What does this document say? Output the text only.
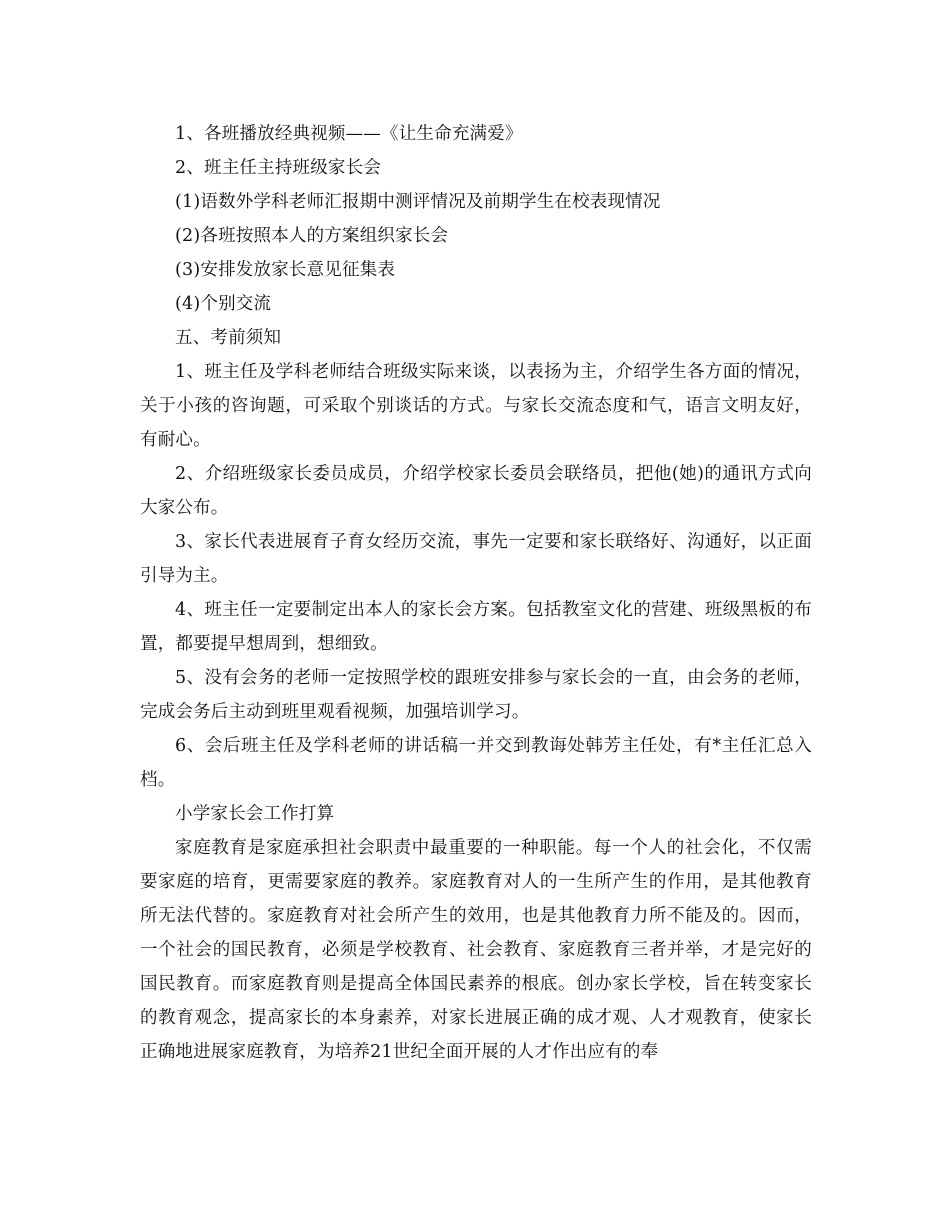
1、各班播放经典视频——《让生命充满爱》

2、班主任主持班级家长会

(1)语数外学科老师汇报期中测评情况及前期学生在校表现情况

(2)各班按照本人的方案组织家长会

(3)安排发放家长意见征集表

(4)个别交流

五、考前须知

1、班主任及学科老师结合班级实际来谈，以表扬为主，介绍学生各方面的情况，关于小孩的咨询题，可采取个别谈话的方式。与家长交流态度和气，语言文明友好，有耐心。

2、介绍班级家长委员成员，介绍学校家长委员会联络员，把他(她)的通讯方式向大家公布。

3、家长代表进展育子育女经历交流，事先一定要和家长联络好、沟通好，以正面引导为主。

4、班主任一定要制定出本人的家长会方案。包括教室文化的营建、班级黑板的布置，都要提早想周到，想细致。

5、没有会务的老师一定按照学校的跟班安排参与家长会的一直，由会务的老师，完成会务后主动到班里观看视频，加强培训学习。

6、会后班主任及学科老师的讲话稿一并交到教诲处韩芳主任处，有*主任汇总入档。

小学家长会工作打算

家庭教育是家庭承担社会职责中最重要的一种职能。每一个人的社会化，不仅需要家庭的培育，更需要家庭的教养。家庭教育对人的一生所产生的作用，是其他教育所无法代替的。家庭教育对社会所产生的效用，也是其他教育力所不能及的。因而，一个社会的国民教育，必须是学校教育、社会教育、家庭教育三者并举，才是完好的国民教育。而家庭教育则是提高全体国民素养的根底。创办家长学校，旨在转变家长的教育观念，提高家长的本身素养，对家长进展正确的成才观、人才观教育，使家长正确地进展家庭教育，为培养21世纪全面开展的人才作出应有的奉
